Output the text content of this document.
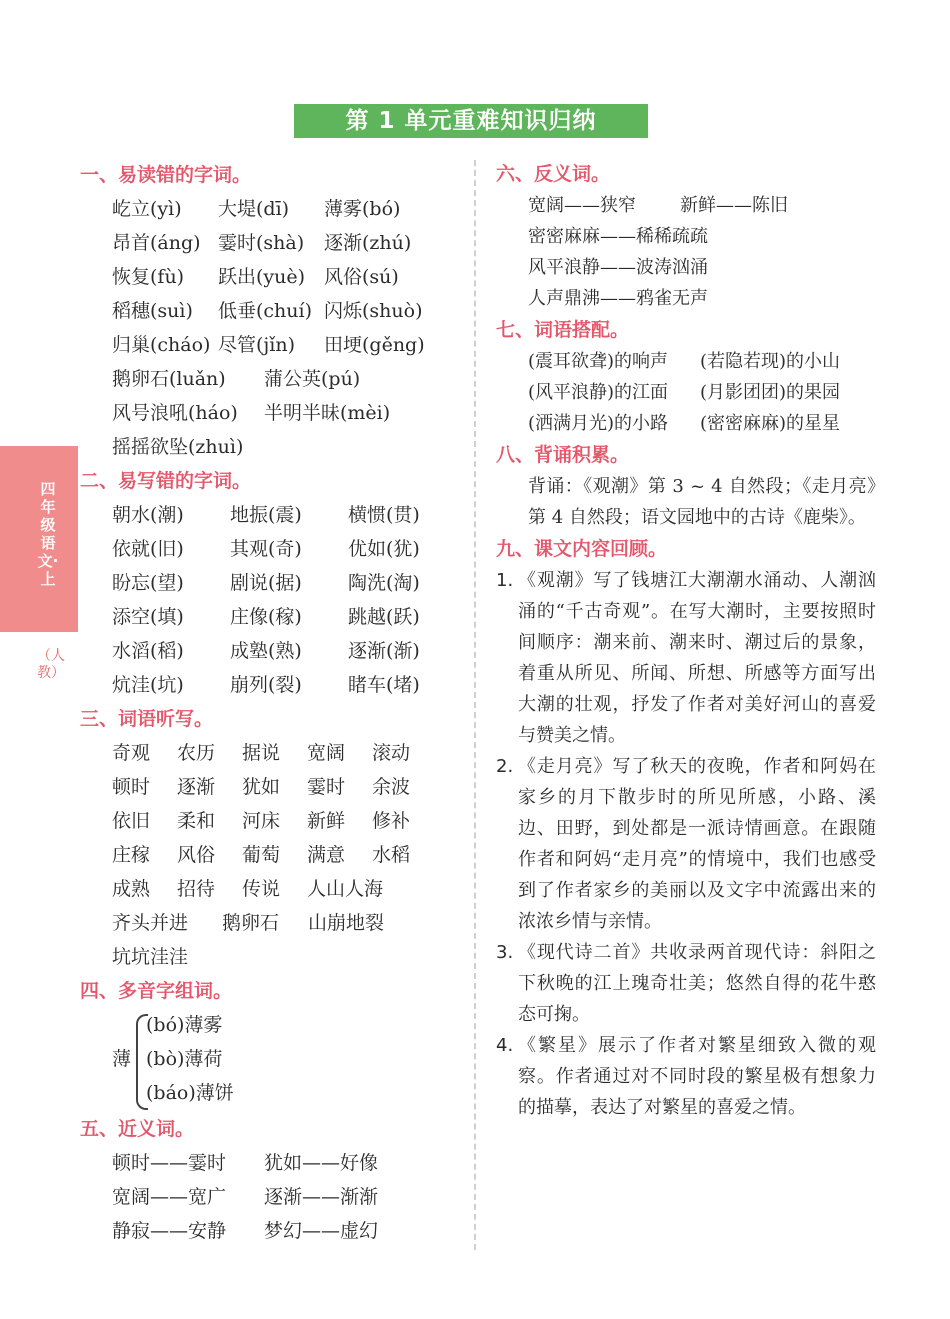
第 1 单元重难知识归纳
四年级语文·上
（人教）
一、易读错的字词。
屹立(yì) 大堤(dī) 薄雾(bó)
昂首(áng) 霎时(shà) 逐渐(zhú)
恢复(fù) 跃出(yuè) 风俗(sú)
稻穗(suì) 低垂(chuí) 闪烁(shuò)
归巢(cháo) 尽管(jǐn) 田埂(gěng)
鹅卵石(luǎn) 蒲公英(pú)
风号浪吼(háo) 半明半昧(mèi)
摇摇欲坠(zhuì)
二、易写错的字词。
朝水(潮) 地振(震) 横惯(贯)
依就(旧) 其观(奇) 优如(犹)
盼忘(望) 剧说(据) 陶洗(淘)
添空(填) 庄像(稼) 跳越(跃)
水滔(稻) 成塾(熟) 逐渐(渐)
炕洼(坑) 崩列(裂) 睹车(堵)
三、词语听写。
奇观 农历 据说 宽阔 滚动
顿时 逐渐 犹如 霎时 余波
依旧 柔和 河床 新鲜 修补
庄稼 风俗 葡萄 满意 水稻
成熟 招待 传说 人山人海
齐头并进 鹅卵石 山崩地裂
坑坑洼洼
四、多音字组词。
薄
(bó)薄雾
(bò)薄荷
(báo)薄饼
五、近义词。
顿时——霎时 犹如——好像
宽阔——宽广 逐渐——渐渐
静寂——安静 梦幻——虚幻
六、反义词。
宽阔——狭窄 新鲜——陈旧
密密麻麻——稀稀疏疏
风平浪静——波涛汹涌
人声鼎沸——鸦雀无声
七、词语搭配。
(震耳欲聋)的响声 (若隐若现)的小山
(风平浪静)的江面 (月影团团)的果园
(洒满月光)的小路 (密密麻麻)的星星
八、背诵积累。
背诵：《观潮》第 3 ~ 4 自然段；《走月亮》第 4 自然段；语文园地中的古诗《鹿柴》。
九、课文内容回顾。
1. 《观潮》写了钱塘江大潮潮水涌动、人潮汹涌的“千古奇观”。在写大潮时，主要按照时间顺序：潮来前、潮来时、潮过后的景象，着重从所见、所闻、所想、所感等方面写出大潮的壮观，抒发了作者对美好河山的喜爱与赞美之情。
2. 《走月亮》写了秋天的夜晚，作者和阿妈在家乡的月下散步时的所见所感，小路、溪边、田野，到处都是一派诗情画意。在跟随作者和阿妈“走月亮”的情境中，我们也感受到了作者家乡的美丽以及文字中流露出来的浓浓乡情与亲情。
3. 《现代诗二首》共收录两首现代诗：斜阳之下秋晚的江上瑰奇壮美；悠然自得的花牛憨态可掬。
4. 《繁星》展示了作者对繁星细致入微的观察。作者通过对不同时段的繁星极有想象力的描摹，表达了对繁星的喜爱之情。
